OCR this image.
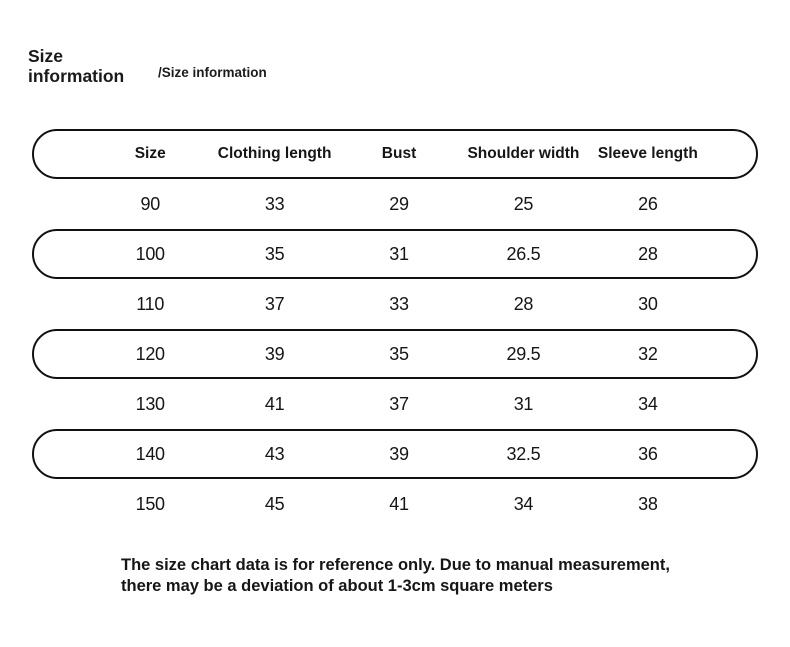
Size information	/Size information
Size	Clothing length	Bust	Shoulder width	Sleeve length
90	33	29	25	26
100	35	31	26.5	28
110	37	33	28	30
120	39	35	29.5	32
130	41	37	31	34
140	43	39	32.5	36
150	45	41	34	38

The size chart data is for reference only. Due to manual measurement, there may be a deviation of about 1-3cm square meters
